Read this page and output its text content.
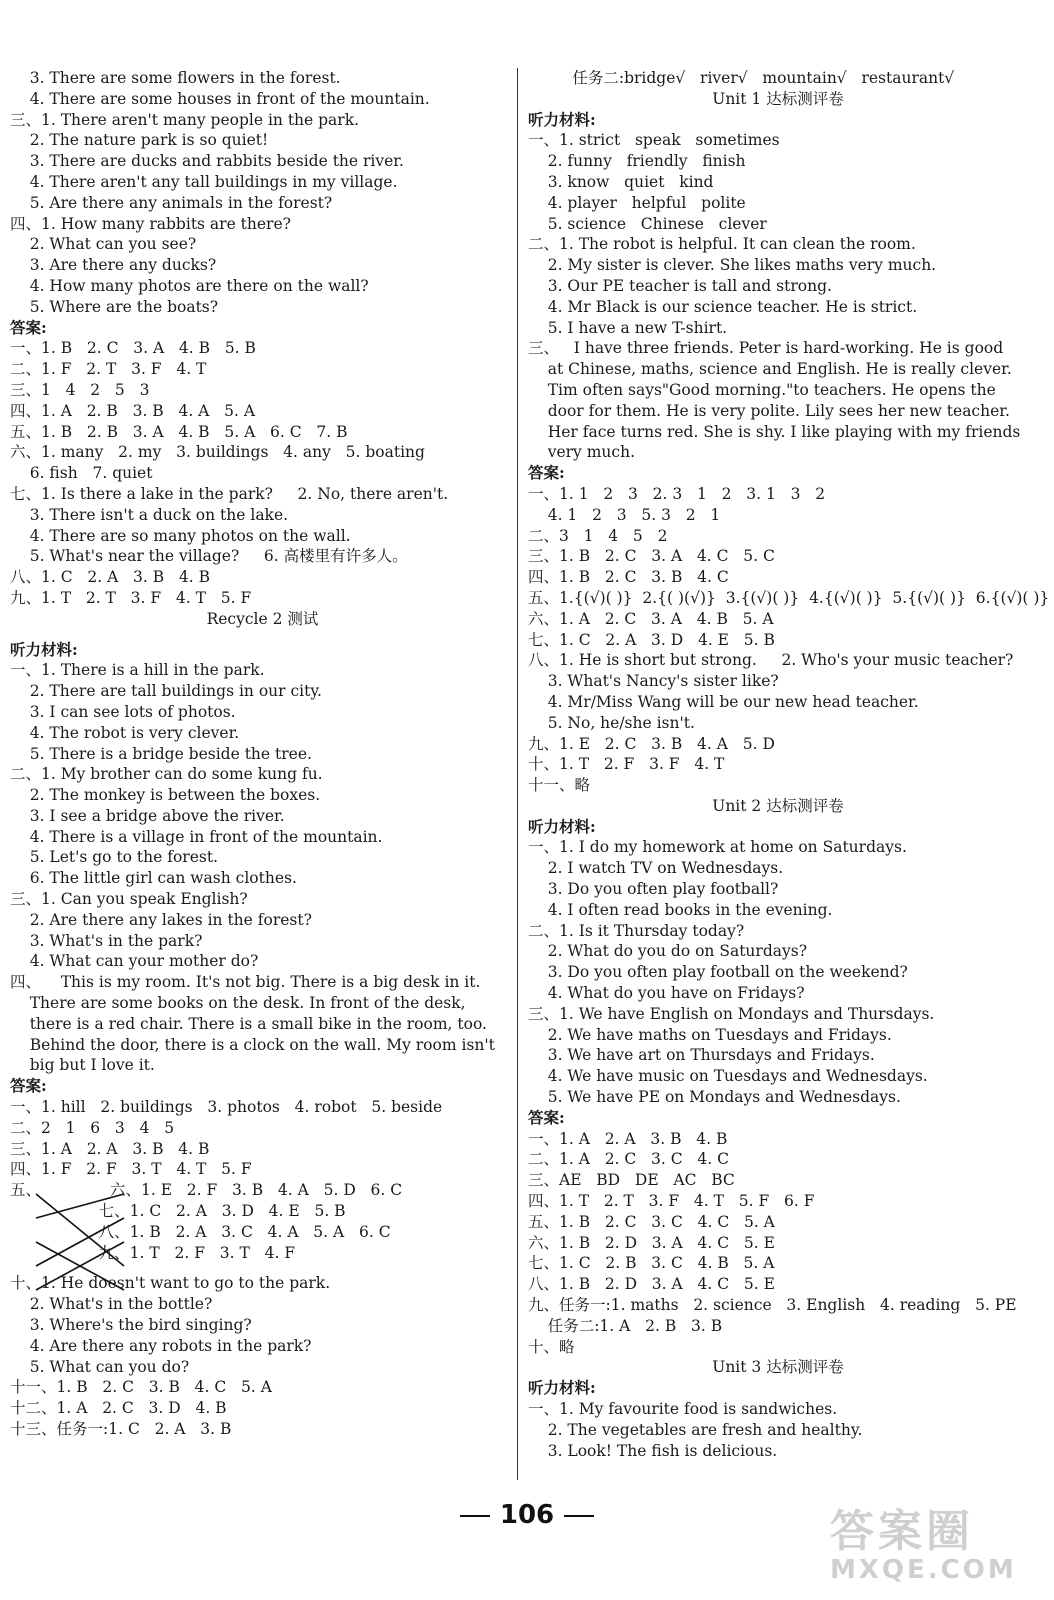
3. There are some flowers in the forest.
4. There are some houses in front of the mountain.
三、1. There aren't many people in the park.
2. The nature park is so quiet!
3. There are ducks and rabbits beside the river.
4. There aren't any tall buildings in my village.
5. Are there any animals in the forest?
四、1. How many rabbits are there?
2. What can you see?
3. Are there any ducks?
4. How many photos are there on the wall?
5. Where are the boats?
答案:
一、1. B   2. C   3. A   4. B   5. B
二、1. F   2. T   3. F   4. T
三、1   4   2   5   3
四、1. A   2. B   3. B   4. A   5. A
五、1. B   2. B   3. A   4. B   5. A   6. C   7. B
六、1. many   2. my   3. buildings   4. any   5. boating
6. fish   7. quiet
七、1. Is there a lake in the park?     2. No, there aren't.
3. There isn't a duck on the lake.
4. There are so many photos on the wall.
5. What's near the village?     6. 高楼里有许多人。
八、1. C   2. A   3. B   4. B
九、1. T   2. T   3. F   4. T   5. F
Recycle 2 测试
听力材料:
一、1. There is a hill in the park.
2. There are tall buildings in our city.
3. I can see lots of photos.
4. The robot is very clever.
5. There is a bridge beside the tree.
二、1. My brother can do some kung fu.
2. The monkey is between the boxes.
3. I see a bridge above the river.
4. There is a village in front of the mountain.
5. Let's go to the forest.
6. The little girl can wash clothes.
三、1. Can you speak English?
2. Are there any lakes in the forest?
3. What's in the park?
4. What can your mother do?
四、    This is my room. It's not big. There is a big desk in it.
There are some books on the desk. In front of the desk,
there is a red chair. There is a small bike in the room, too.
Behind the door, there is a clock on the wall. My room isn't
big but I love it.
答案:
一、1. hill   2. buildings   3. photos   4. robot   5. beside
二、2   1   6   3   4   5
三、1. A   2. A   3. B   4. B
四、1. F   2. F   3. T   4. T   5. F
五、              六、1. E   2. F   3. B   4. A   5. D   6. C
七、1. C   2. A   3. D   4. E   5. B
八、1. B   2. A   3. C   4. A   5. A   6. C
九、1. T   2. F   3. T   4. F
十、1. He doesn't want to go to the park.
2. What's in the bottle?
3. Where's the bird singing?
4. Are there any robots in the park?
5. What can you do?
十一、1. B   2. C   3. B   4. C   5. A
十二、1. A   2. C   3. D   4. B
十三、任务一:1. C   2. A   3. B
任务二:bridge√   river√   mountain√   restaurant√
Unit 1 达标测评卷
听力材料:
一、1. strict   speak   sometimes
2. funny   friendly   finish
3. know   quiet   kind
4. player   helpful   polite
5. science   Chinese   clever
二、1. The robot is helpful. It can clean the room.
2. My sister is clever. She likes maths very much.
3. Our PE teacher is tall and strong.
4. Mr Black is our science teacher. He is strict.
5. I have a new T-shirt.
三、   I have three friends. Peter is hard-working. He is good
at Chinese, maths, science and English. He is really clever.
Tim often says"Good morning."to teachers. He opens the
door for them. He is very polite. Lily sees her new teacher.
Her face turns red. She is shy. I like playing with my friends
very much.
答案:
一、1. 1   2   3   2. 3   1   2   3. 1   3   2
4. 1   2   3   5. 3   2   1
二、3   1   4   5   2
三、1. B   2. C   3. A   4. C   5. C
四、1. B   2. C   3. B   4. C
五、1.{(√)( )}  2.{( )(√)}  3.{(√)( )}  4.{(√)( )}  5.{(√)( )}  6.{(√)( )}
六、1. A   2. C   3. A   4. B   5. A
七、1. C   2. A   3. D   4. E   5. B
八、1. He is short but strong.     2. Who's your music teacher?
3. What's Nancy's sister like?
4. Mr/Miss Wang will be our new head teacher.
5. No, he/she isn't.
九、1. E   2. C   3. B   4. A   5. D
十、1. T   2. F   3. F   4. T
十一、略
Unit 2 达标测评卷
听力材料:
一、1. I do my homework at home on Saturdays.
2. I watch TV on Wednesdays.
3. Do you often play football?
4. I often read books in the evening.
二、1. Is it Thursday today?
2. What do you do on Saturdays?
3. Do you often play football on the weekend?
4. What do you have on Fridays?
三、1. We have English on Mondays and Thursdays.
2. We have maths on Tuesdays and Fridays.
3. We have art on Thursdays and Fridays.
4. We have music on Tuesdays and Wednesdays.
5. We have PE on Mondays and Wednesdays.
答案:
一、1. A   2. A   3. B   4. B
二、1. A   2. C   3. C   4. C
三、AE   BD   DE   AC   BC
四、1. T   2. T   3. F   4. T   5. F   6. F
五、1. B   2. C   3. C   4. C   5. A
六、1. B   2. D   3. A   4. C   5. E
七、1. C   2. B   3. C   4. B   5. A
八、1. B   2. D   3. A   4. C   5. E
九、任务一:1. maths   2. science   3. English   4. reading   5. PE
任务二:1. A   2. B   3. B
十、略
Unit 3 达标测评卷
听力材料:
一、1. My favourite food is sandwiches.
2. The vegetables are fresh and healthy.
3. Look! The fish is delicious.
106	答案圈
MXQE.COM
